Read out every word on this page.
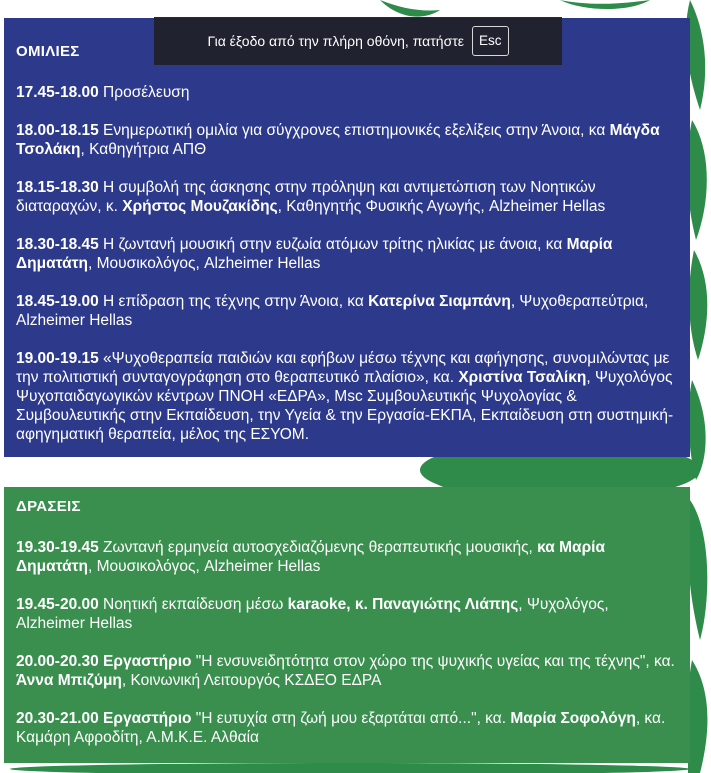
Για έξοδο από την πλήρη οθόνη, πατήστε	Esc
ΟΜΙΛΙΕΣ
17.45-18.00 Προσέλευση
18.00-18.15 Ενημερωτική ομιλία για σύγχρονες επιστημονικές εξελίξεις στην Άνοια, κα Μάγδα Τσολάκη, Καθηγήτρια ΑΠΘ
18.15-18.30 Η συμβολή της άσκησης στην πρόληψη και αντιμετώπιση των Νοητικών διαταραχών, κ. Χρήστος Μουζακίδης, Καθηγητής Φυσικής Αγωγής, Alzheimer Hellas
18.30-18.45 Η ζωντανή μουσική στην ευζωία ατόμων τρίτης ηλικίας με άνοια, κα Μαρία Δηματάτη, Μουσικολόγος, Alzheimer Hellas
18.45-19.00 Η επίδραση της τέχνης στην Άνοια, κα Κατερίνα Σιαμπάνη, Ψυχοθεραπεύτρια, Alzheimer Hellas
19.00-19.15 «Ψυχοθεραπεία παιδιών και εφήβων μέσω τέχνης και αφήγησης, συνομιλώντας με την πολιτιστική συνταγογράφηση στο θεραπευτικό πλαίσιο», κα. Χριστίνα Τσαλίκη, Ψυχολόγος Ψυχοπαιδαγωγικών κέντρων ΠΝΟΗ «ΕΔΡΑ», Msc Συμβουλευτικής Ψυχολογίας & Συμβουλευτικής στην Εκπαίδευση, την Υγεία & την Εργασία-ΕΚΠΑ, Εκπαίδευση στη συστημική-αφηγηματική θεραπεία, μέλος της ΕΣΥΟΜ.
ΔΡΑΣΕΙΣ
19.30-19.45 Ζωντανή ερμηνεία αυτοσχεδιαζόμενης θεραπευτικής μουσικής, κα Μαρία Δηματάτη, Μουσικολόγος, Alzheimer Hellas
19.45-20.00 Νοητική εκπαίδευση μέσω karaoke, κ. Παναγιώτης Λιάπης, Ψυχολόγος, Alzheimer Hellas
20.00-20.30 Εργαστήριο "Η ενσυνειδητότητα στον χώρο της ψυχικής υγείας και της τέχνης", κα. Άννα Μπιζύμη, Κοινωνική Λειτουργός ΚΣΔΕΟ ΕΔΡΑ
20.30-21.00 Εργαστήριο "Η ευτυχία στη ζωή μου εξαρτάται από...", κα. Μαρία Σοφολόγη, κα. Καμάρη Αφροδίτη, Α.Μ.Κ.Ε. Αλθαία
